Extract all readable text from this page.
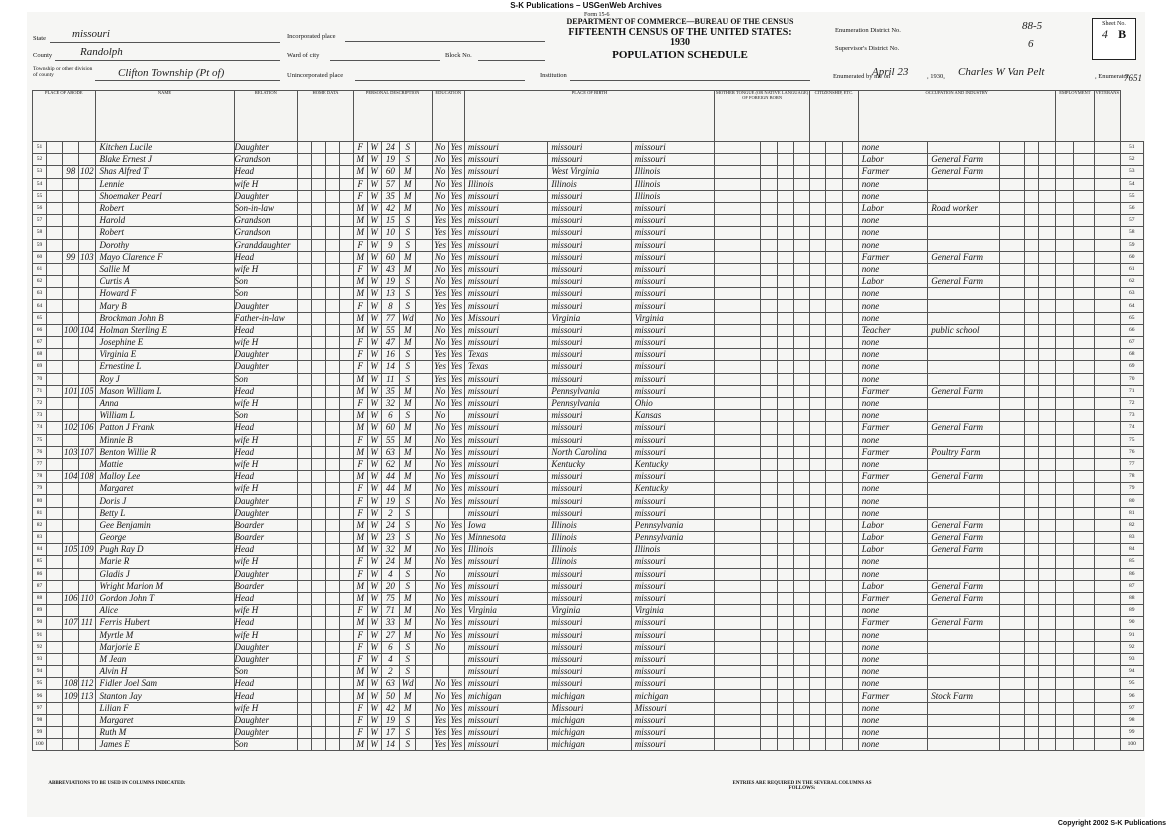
S-K Publications – USGenWeb Archives
Form 15-6
DEPARTMENT OF COMMERCE—BUREAU OF THE CENSUS
FIFTEENTH CENSUS OF THE UNITED STATES: 1930
POPULATION SCHEDULE
State missouri
County	Randolph
Township or other division of county	Clifton Township (Pt of)
Incorporated place
Ward of city	Block No.
Unincorporated place	Institution
Enumeration District No.	88-5
Supervisor's District No.	6
Enumerated by me on
April 23	, 1930, Charles W Van Pelt	, Enumerator.
7651
Sheet No.
4 B
PLACE OF ABODE				NAME	RELATION	HOME DATA				PERSONAL DESCRIPTION					EDUCATION		PLACE OF BIRTH			MOTHER TONGUE (OR NATIVE LANGUAGE) OF FOREIGN BORN				CITIZENSHIP, ETC.			OCCUPATION AND INDUSTRY					EMPLOYMENT		VETERANS	
51				Kitchen Lucile	Daughter					F	W	24	S		No	Yes	missouri	missouri	missouri								none								51
52				Blake Ernest J	Grandson					M	W	19	S		No	Yes	missouri	missouri	missouri								Labor	General Farm							52
53		98	102	Shas Alfred T	Head					M	W	60	M		No	Yes	missouri	West Virginia	Illinois								Farmer	General Farm							53
54				Lennie	wife H					F	W	57	M		No	Yes	Illinois	Illinois	Illinois								none								54
55				Shoemaker Pearl	Daughter					F	W	35	M		No	Yes	missouri	missouri	Illinois								none								55
56				Robert	Son-in-law					M	W	42	M		No	Yes	missouri	missouri	missouri								Labor	Road worker							56
57				Harold	Grandson					M	W	15	S		Yes	Yes	missouri	missouri	missouri								none								57
58				Robert	Grandson					M	W	10	S		Yes	Yes	missouri	missouri	missouri								none								58
59				Dorothy	Granddaughter					F	W	9	S		Yes	Yes	missouri	missouri	missouri								none								59
60		99	103	Mayo Clarence F	Head					M	W	60	M		No	Yes	missouri	missouri	missouri								Farmer	General Farm							60
61				Sallie M	wife H					F	W	43	M		No	Yes	missouri	missouri	missouri								none								61
62				Curtis A	Son					M	W	19	S		No	Yes	missouri	missouri	missouri								Labor	General Farm							62
63				Howard F	Son					M	W	13	S		Yes	Yes	missouri	missouri	missouri								none								63
64				Mary B	Daughter					F	W	8	S		Yes	Yes	missouri	missouri	missouri								none								64
65				Brockman John B	Father-in-law					M	W	77	Wd		No	Yes	Missouri	Virginia	Virginia								none								65
66		100	104	Holman Sterling E	Head					M	W	55	M		No	Yes	missouri	missouri	missouri								Teacher	public school							66
67				Josephine E	wife H					F	W	47	M		No	Yes	missouri	missouri	missouri								none								67
68				Virginia E	Daughter					F	W	16	S		Yes	Yes	Texas	missouri	missouri								none								68
69				Ernestine L	Daughter					F	W	14	S		Yes	Yes	Texas	missouri	missouri								none								69
70				Roy J	Son					M	W	11	S		Yes	Yes	missouri	missouri	missouri								none								70
71		101	105	Mason William L	Head					M	W	35	M		No	Yes	missouri	Pennsylvania	missouri								Farmer	General Farm							71
72				Anna	wife H					F	W	32	M		No	Yes	missouri	Pennsylvania	Ohio								none								72
73				William L	Son					M	W	6	S		No		missouri	missouri	Kansas								none								73
74		102	106	Patton J Frank	Head					M	W	60	M		No	Yes	missouri	missouri	missouri								Farmer	General Farm							74
75				Minnie B	wife H					F	W	55	M		No	Yes	missouri	missouri	missouri								none								75
76		103	107	Benton Willie R	Head					M	W	63	M		No	Yes	missouri	North Carolina	missouri								Farmer	Poultry Farm							76
77				Mattie	wife H					F	W	62	M		No	Yes	missouri	Kentucky	Kentucky								none								77
78		104	108	Malloy Lee	Head					M	W	44	M		No	Yes	missouri	missouri	missouri								Farmer	General Farm							78
79				Margaret	wife H					F	W	44	M		No	Yes	missouri	missouri	Kentucky								none								79
80				Doris J	Daughter					F	W	19	S		No	Yes	missouri	missouri	missouri								none								80
81				Betty L	Daughter					F	W	2	S				missouri	missouri	missouri								none								81
82				Gee Benjamin	Boarder					M	W	24	S		No	Yes	Iowa	Illinois	Pennsylvania								Labor	General Farm							82
83				George	Boarder					M	W	23	S		No	Yes	Minnesota	Illinois	Pennsylvania								Labor	General Farm							83
84		105	109	Pugh Ray D	Head					M	W	32	M		No	Yes	Illinois	Illinois	Illinois								Labor	General Farm							84
85				Marie R	wife H					F	W	24	M		No	Yes	missouri	Illinois	missouri								none								85
86				Gladis J	Daughter					F	W	4	S		No		missouri	missouri	missouri								none								86
87				Wright Marion M	Boarder					M	W	20	S		No	Yes	missouri	missouri	missouri								Labor	General Farm							87
88		106	110	Gordon John T	Head					M	W	75	M		No	Yes	missouri	missouri	missouri								Farmer	General Farm							88
89				Alice	wife H					F	W	71	M		No	Yes	Virginia	Virginia	Virginia								none								89
90		107	111	Ferris Hubert	Head					M	W	33	M		No	Yes	missouri	missouri	missouri								Farmer	General Farm							90
91				Myrtle M	wife H					F	W	27	M		No	Yes	missouri	missouri	missouri								none								91
92				Marjorie E	Daughter					F	W	6	S		No		missouri	missouri	missouri								none								92
93				M Jean	Daughter					F	W	4	S				missouri	missouri	missouri								none								93
94				Alvin H	Son					M	W	2	S				missouri	missouri	missouri								none								94
95		108	112	Fidler Joel Sam	Head					M	W	63	Wd		No	Yes	missouri	missouri	missouri								none								95
96		109	113	Stanton Jay	Head					M	W	50	M		No	Yes	michigan	michigan	michigan								Farmer	Stock Farm							96
97				Lilian F	wife H					F	W	42	M		No	Yes	missouri	Missouri	Missouri								none								97
98				Margaret	Daughter					F	W	19	S		Yes	Yes	missouri	michigan	missouri								none								98
99				Ruth M	Daughter					F	W	17	S		Yes	Yes	missouri	michigan	missouri								none								99
100				James E	Son					M	W	14	S		Yes	Yes	missouri	michigan	missouri								none								100
ABBREVIATIONS TO BE USED IN COLUMNS INDICATED:	ENTRIES ARE REQUIRED IN THE SEVERAL COLUMNS AS FOLLOWS:
Copyright 2002 S-K Publications
